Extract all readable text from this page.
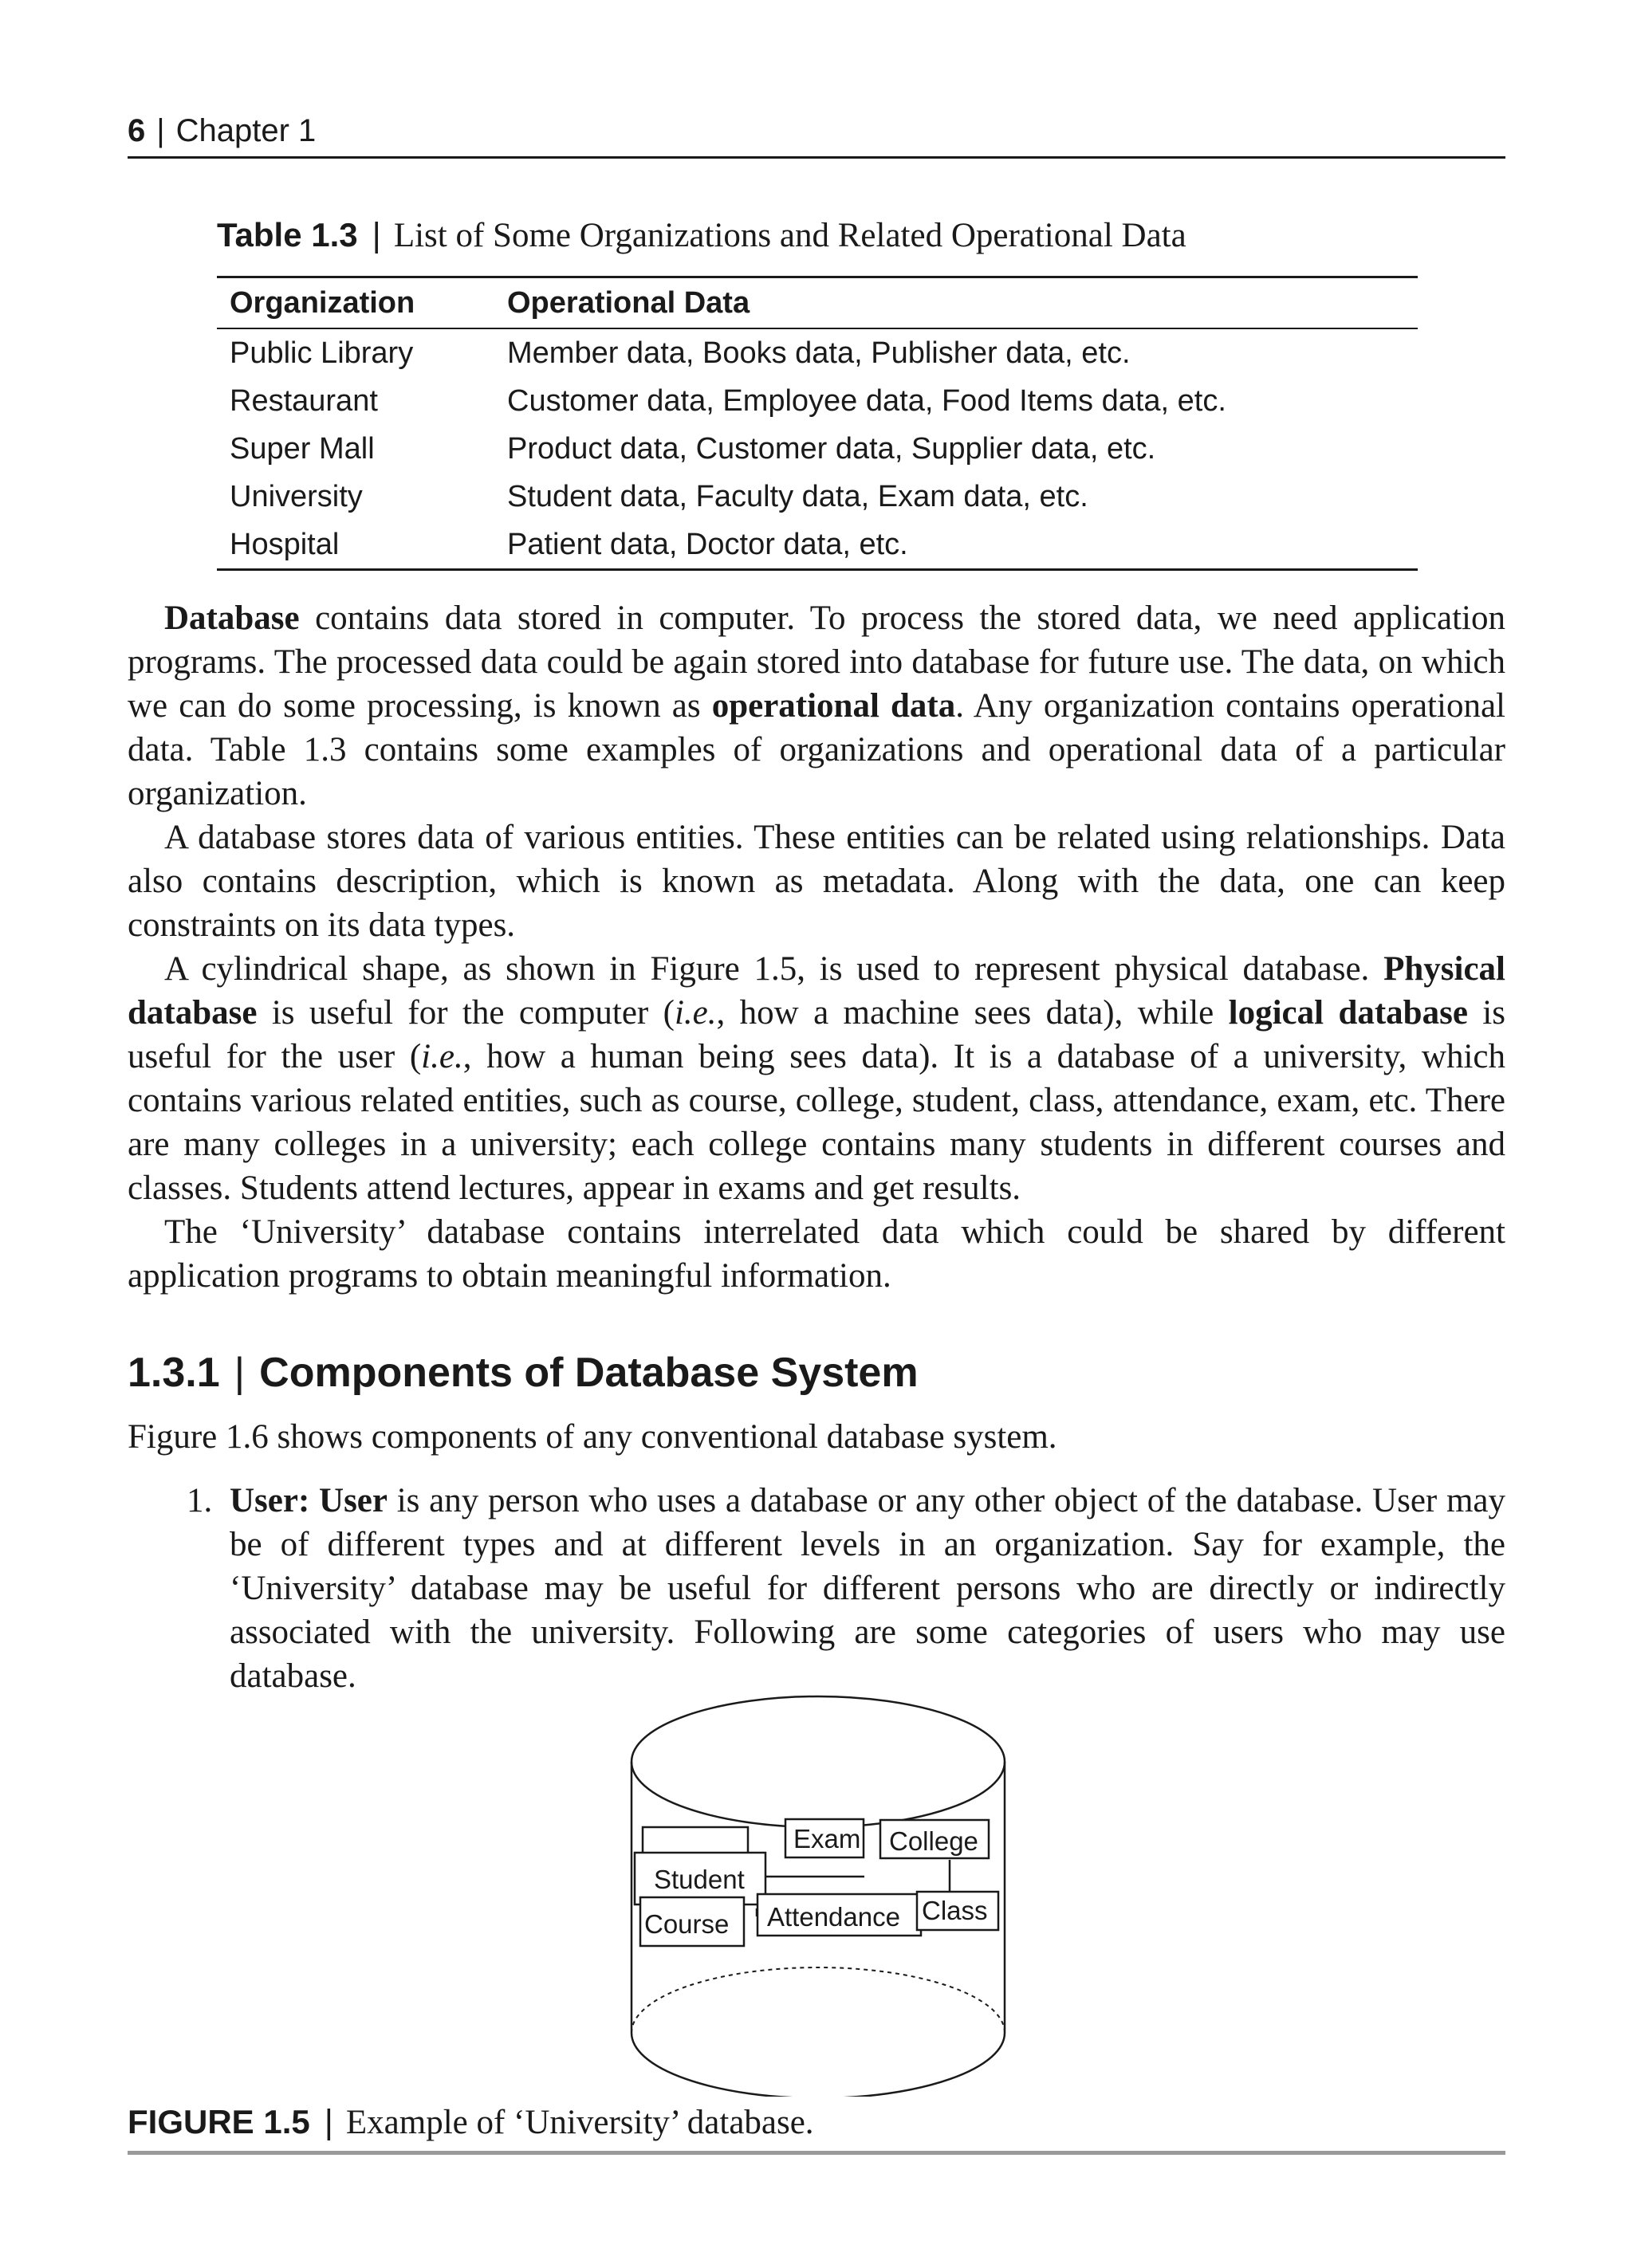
6 | Chapter 1
Table 1.3 | List of Some Organizations and Related Operational Data
Organization	Operational Data
Public Library	Member data, Books data, Publisher data, etc.
Restaurant	Customer data, Employee data, Food Items data, etc.
Super Mall	Product data, Customer data, Supplier data, etc.
University	Student data, Faculty data, Exam data, etc.
Hospital	Patient data, Doctor data, etc.

Database contains data stored in computer. To process the stored data, we need application programs. The processed data could be again stored into database for future use. The data, on which we can do some processing, is known as operational data. Any organization contains operational data. Table 1.3 contains some examples of organizations and operational data of a particular organization.

A database stores data of various entities. These entities can be related using relationships. Data also contains description, which is known as metadata. Along with the data, one can keep constraints on its data types.

A cylindrical shape, as shown in Figure 1.5, is used to represent physical database. Physical database is useful for the computer (i.e., how a machine sees data), while logical database is useful for the user (i.e., how a human being sees data). It is a database of a university, which contains various related entities, such as course, college, student, class, attendance, exam, etc. There are many colleges in a university; each college contains many students in different courses and classes. Students attend lectures, appear in exams and get results.

The ‘University’ database contains interrelated data which could be shared by different application programs to obtain meaningful information.

1.3.1 | Components of Database System

Figure 1.6 shows components of any conventional database system.

1. User: User is any person who uses a database or any other object of the database. User may be of different types and at different levels in an organization. Say for example, the ‘University’ database may be useful for different persons who are directly or indirectly associated with the university. Following are some categories of users who may use database.
Exam College
Student
Attendance Class
Course
FIGURE 1.5 | Example of ‘University’ database.
